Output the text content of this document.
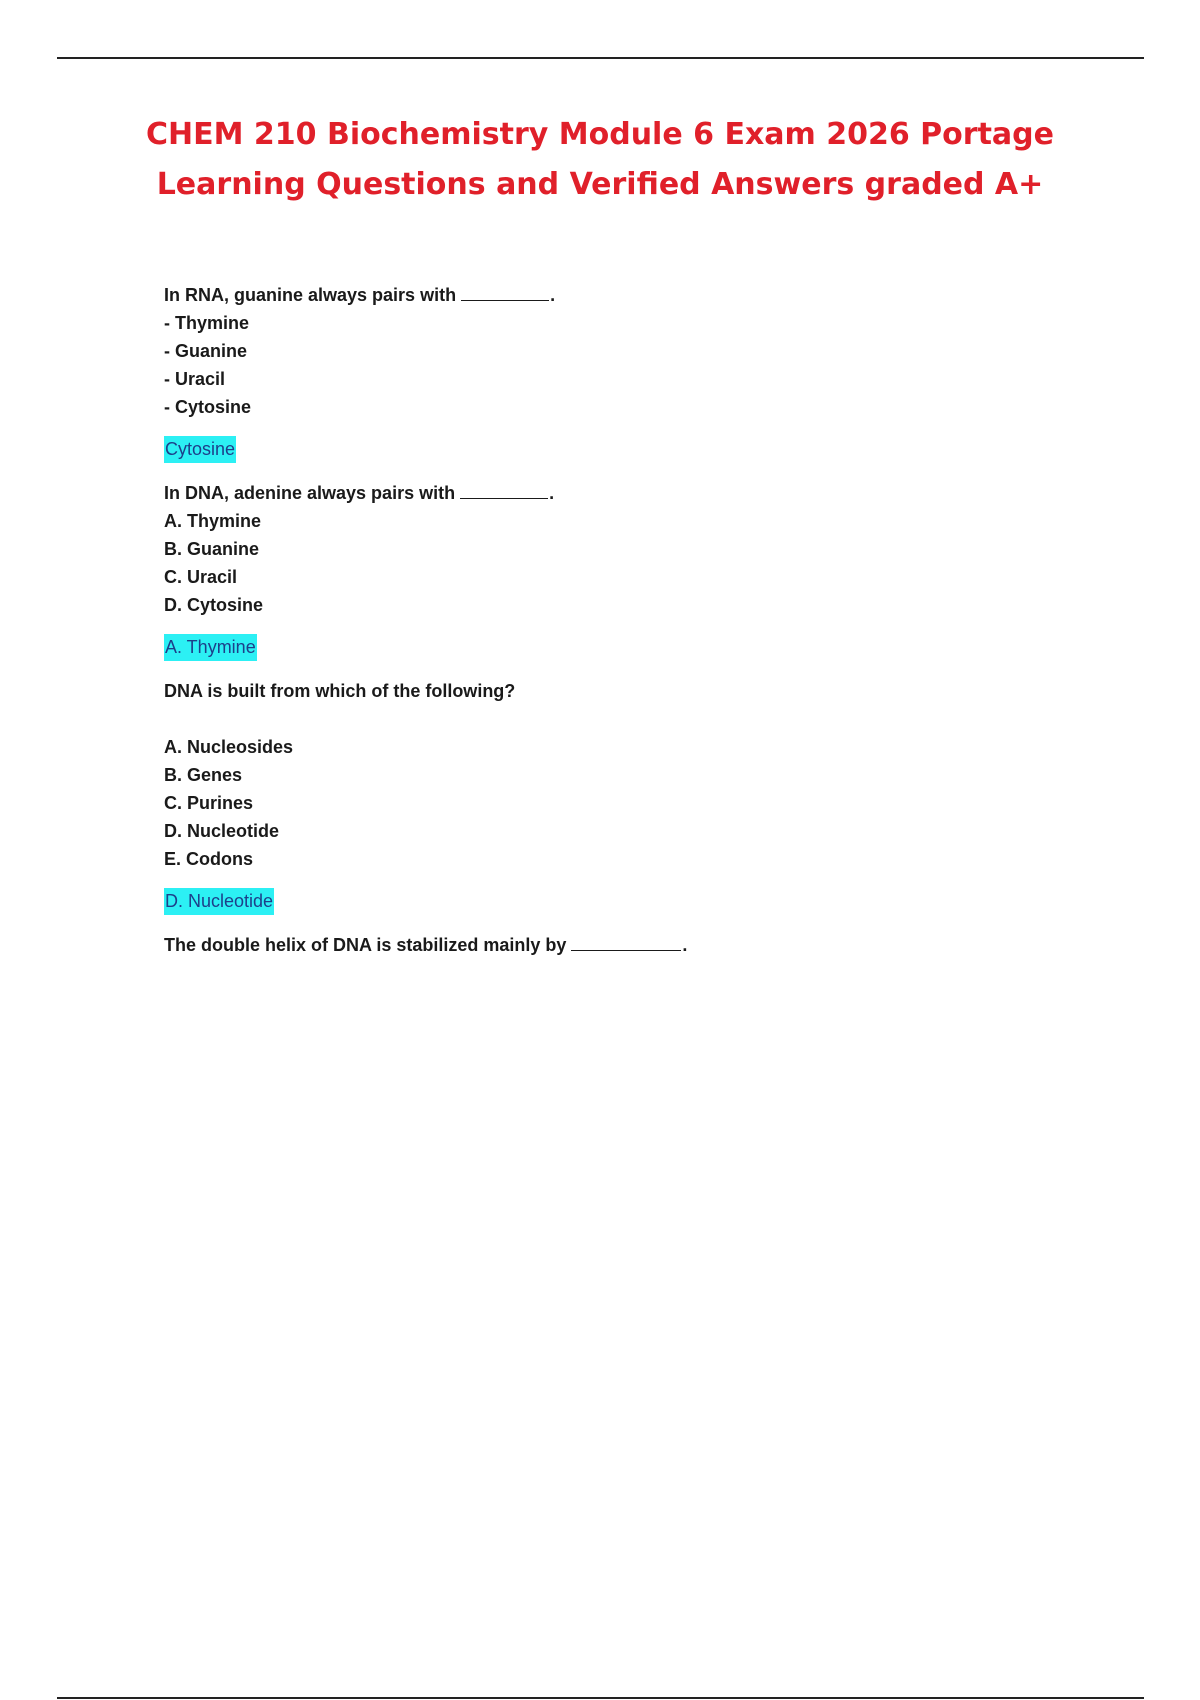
CHEM 210 Biochemistry Module 6 Exam 2026 Portage
Learning Questions and Verified Answers graded A+
In RNA, guanine always pairs with	.
- Thymine
- Guanine
- Uracil
- Cytosine
Cytosine
In DNA, adenine always pairs with	.
A. Thymine
B. Guanine
C. Uracil
D. Cytosine
A. Thymine
DNA is built from which of the following?
A. Nucleosides
B. Genes
C. Purines
D. Nucleotide
E. Codons
D. Nucleotide
The double helix of DNA is stabilized mainly by	.
